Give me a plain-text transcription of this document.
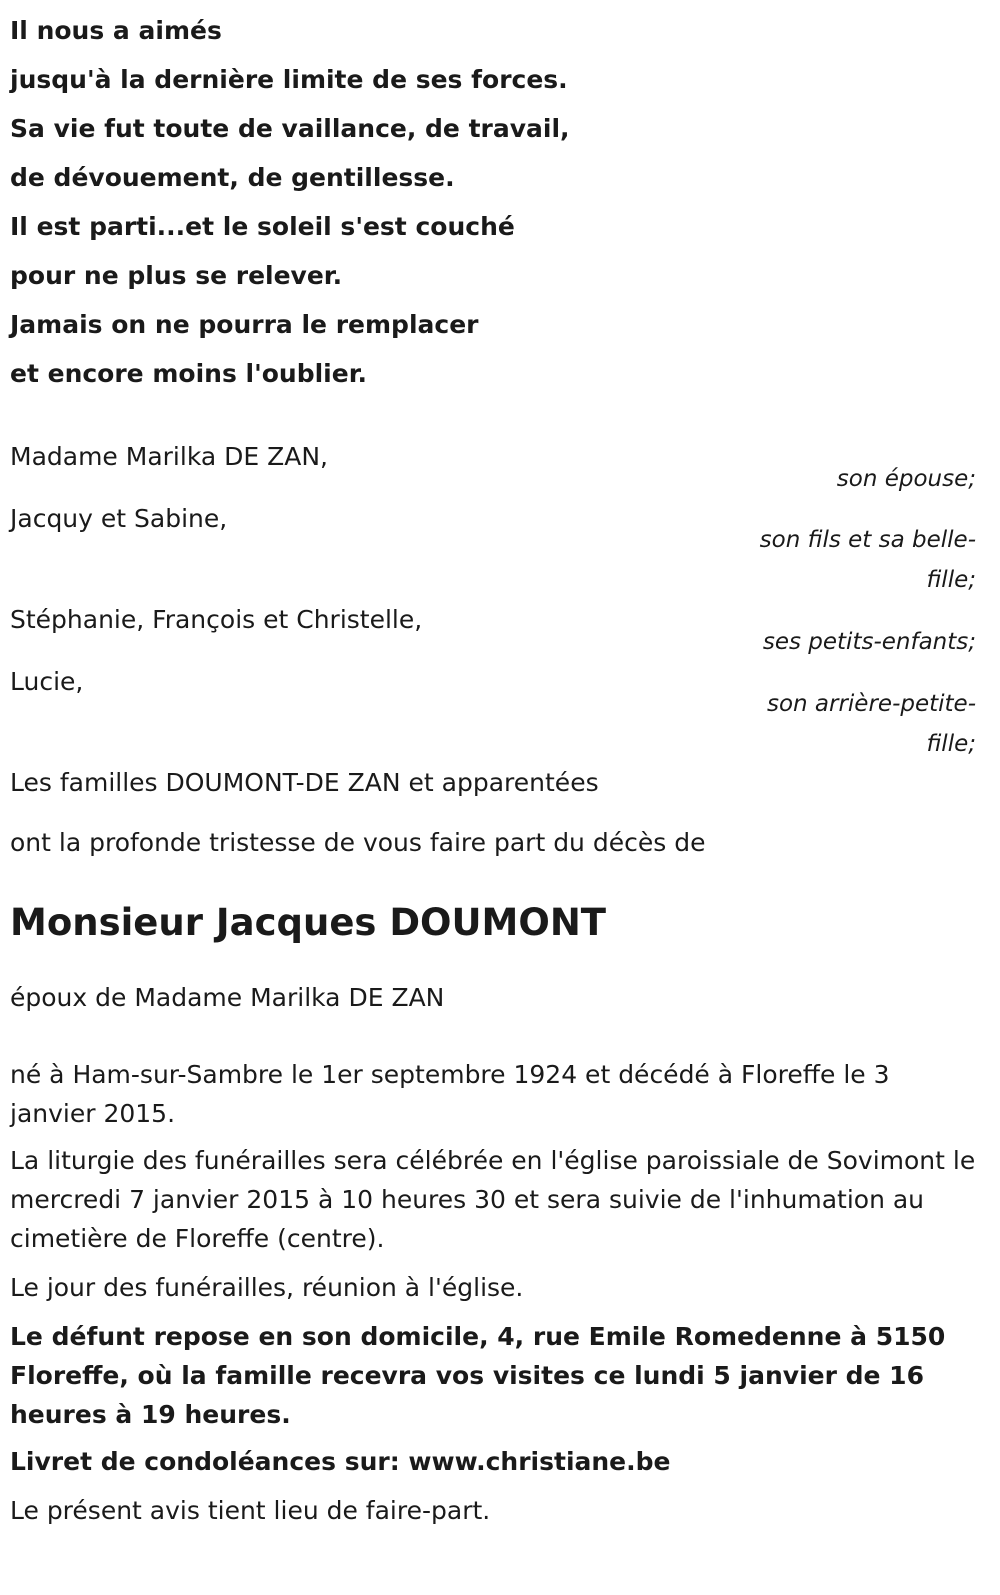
Il nous a aimés
jusqu'à la dernière limite de ses forces.
Sa vie fut toute de vaillance, de travail,
de dévouement, de gentillesse.
Il est parti...et le soleil s'est couché
pour ne plus se relever.
Jamais on ne pourra le remplacer
et encore moins l'oublier.
Madame Marilka DE ZAN,
son épouse;
Jacquy et Sabine,
son fils et sa belle-fille;
Stéphanie, François et Christelle,
ses petits-enfants;
Lucie,
son arrière-petite-fille;
Les familles DOUMONT-DE ZAN et apparentées

ont la profonde tristesse de vous faire part du décès de

Monsieur Jacques DOUMONT

époux de Madame Marilka DE ZAN

né à Ham-sur-Sambre le 1er septembre 1924 et décédé à Floreffe le 3 janvier 2015.

La liturgie des funérailles sera célébrée en l'église paroissiale de Sovimont le mercredi 7 janvier 2015 à 10 heures 30 et sera suivie de l'inhumation au cimetière de Floreffe (centre).

Le jour des funérailles, réunion à l'église.

Le défunt repose en son domicile, 4, rue Emile Romedenne à 5150 Floreffe, où la famille recevra vos visites ce lundi 5 janvier de 16 heures à 19 heures.

Livret de condoléances sur: www.christiane.be

Le présent avis tient lieu de faire-part.
